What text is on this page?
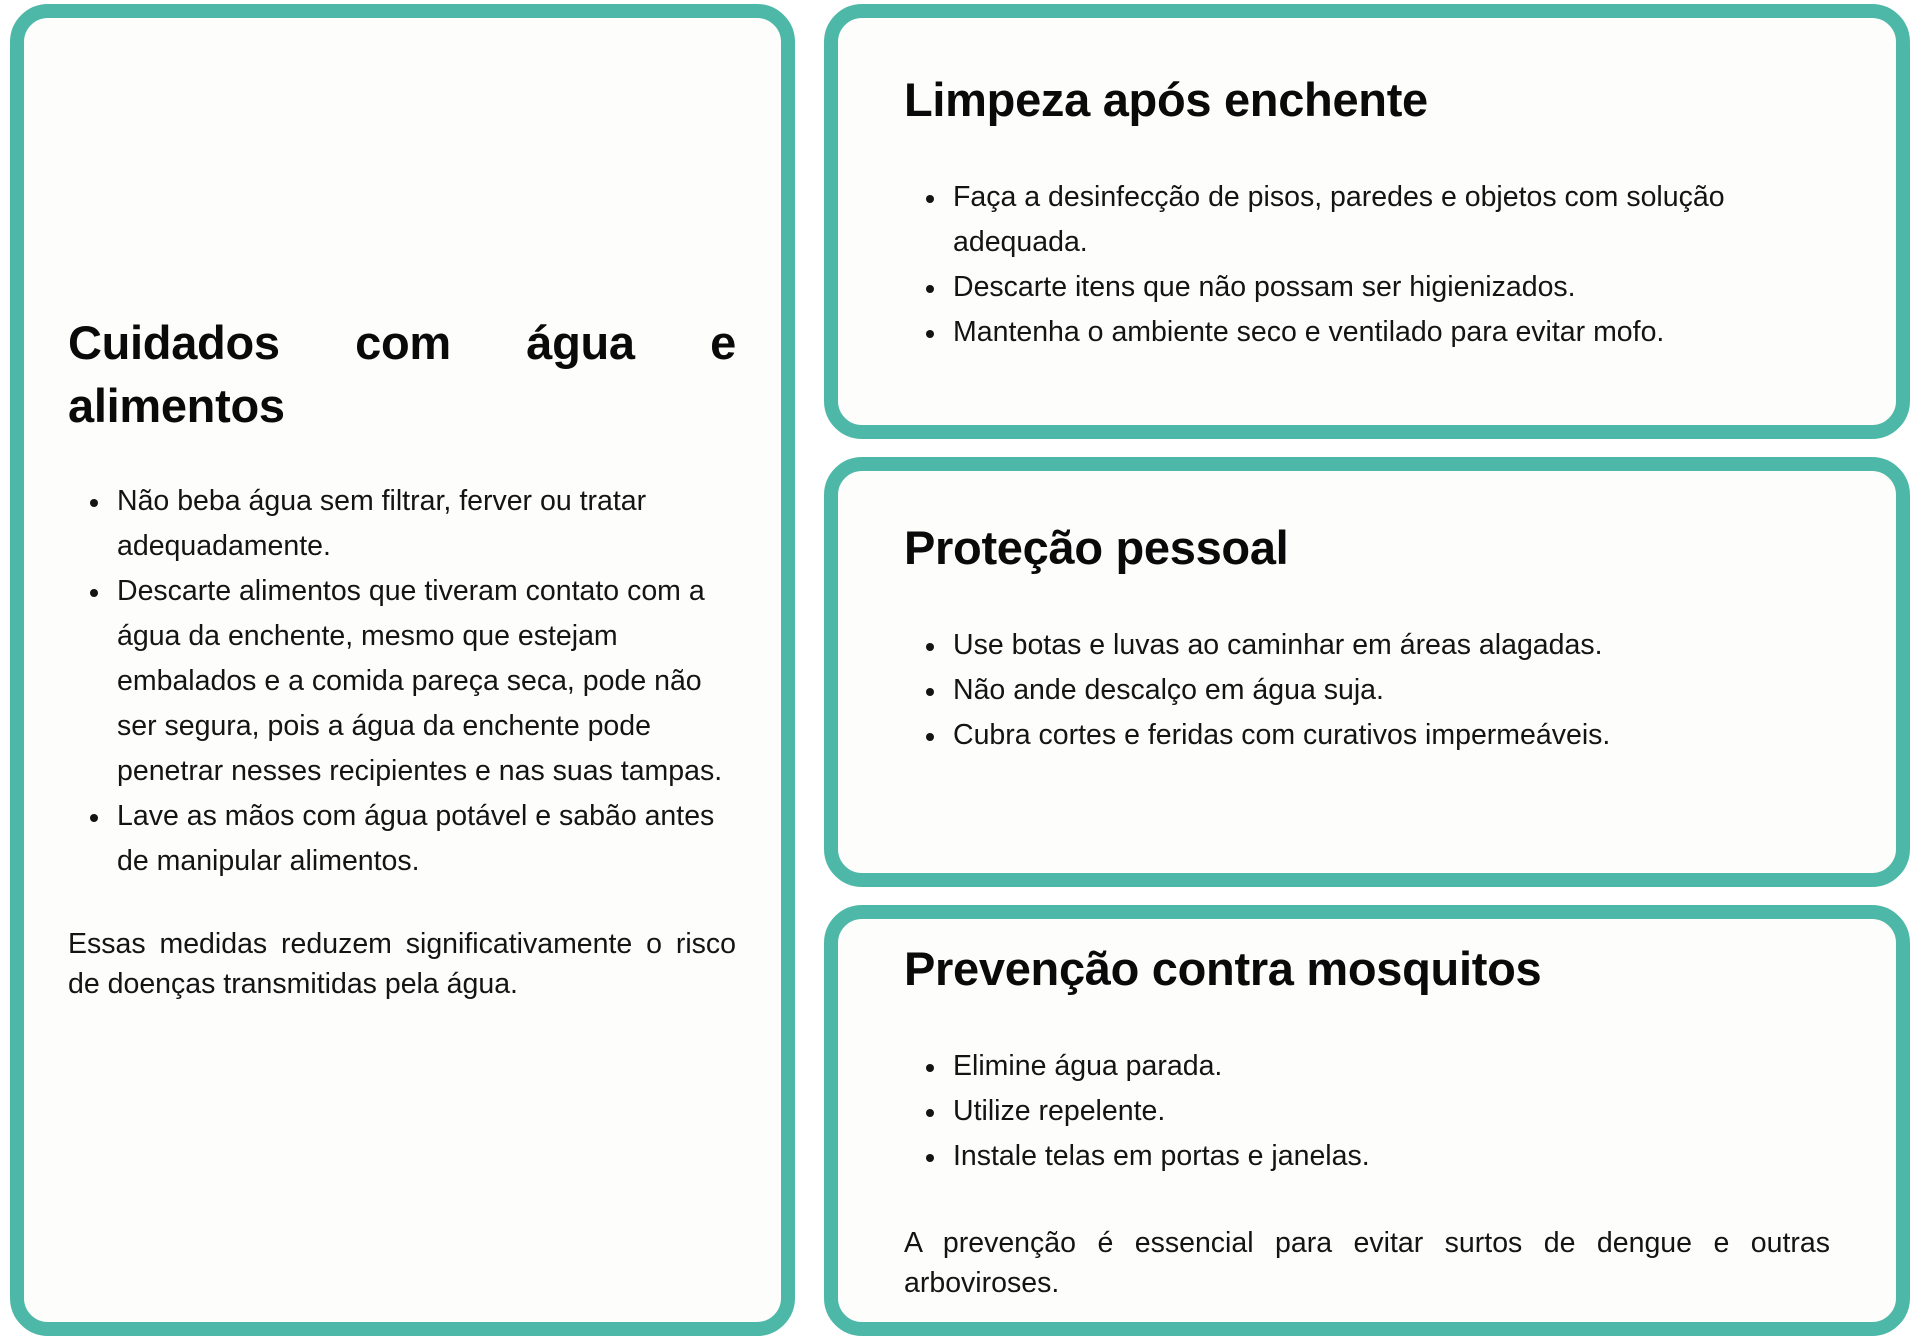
Cuidados com água e
alimentos
Não beba água sem filtrar, ferver ou tratar adequadamente.
Descarte alimentos que tiveram contato com a água da enchente, mesmo que estejam embalados e a comida pareça seca, pode não ser segura, pois a água da enchente pode penetrar nesses recipientes e nas suas tampas.
Lave as mãos com água potável e sabão antes de manipular alimentos.

Essas medidas reduzem significativamente o risco de doenças transmitidas pela água.

Limpeza após enchente
Faça a desinfecção de pisos, paredes e objetos com solução adequada.
Descarte itens que não possam ser higienizados.
Mantenha o ambiente seco e ventilado para evitar mofo.
Proteção pessoal
Use botas e luvas ao caminhar em áreas alagadas.
Não ande descalço em água suja.
Cubra cortes e feridas com curativos impermeáveis.
Prevenção contra mosquitos
Elimine água parada.
Utilize repelente.
Instale telas em portas e janelas.

A prevenção é essencial para evitar surtos de dengue e outras arboviroses.
